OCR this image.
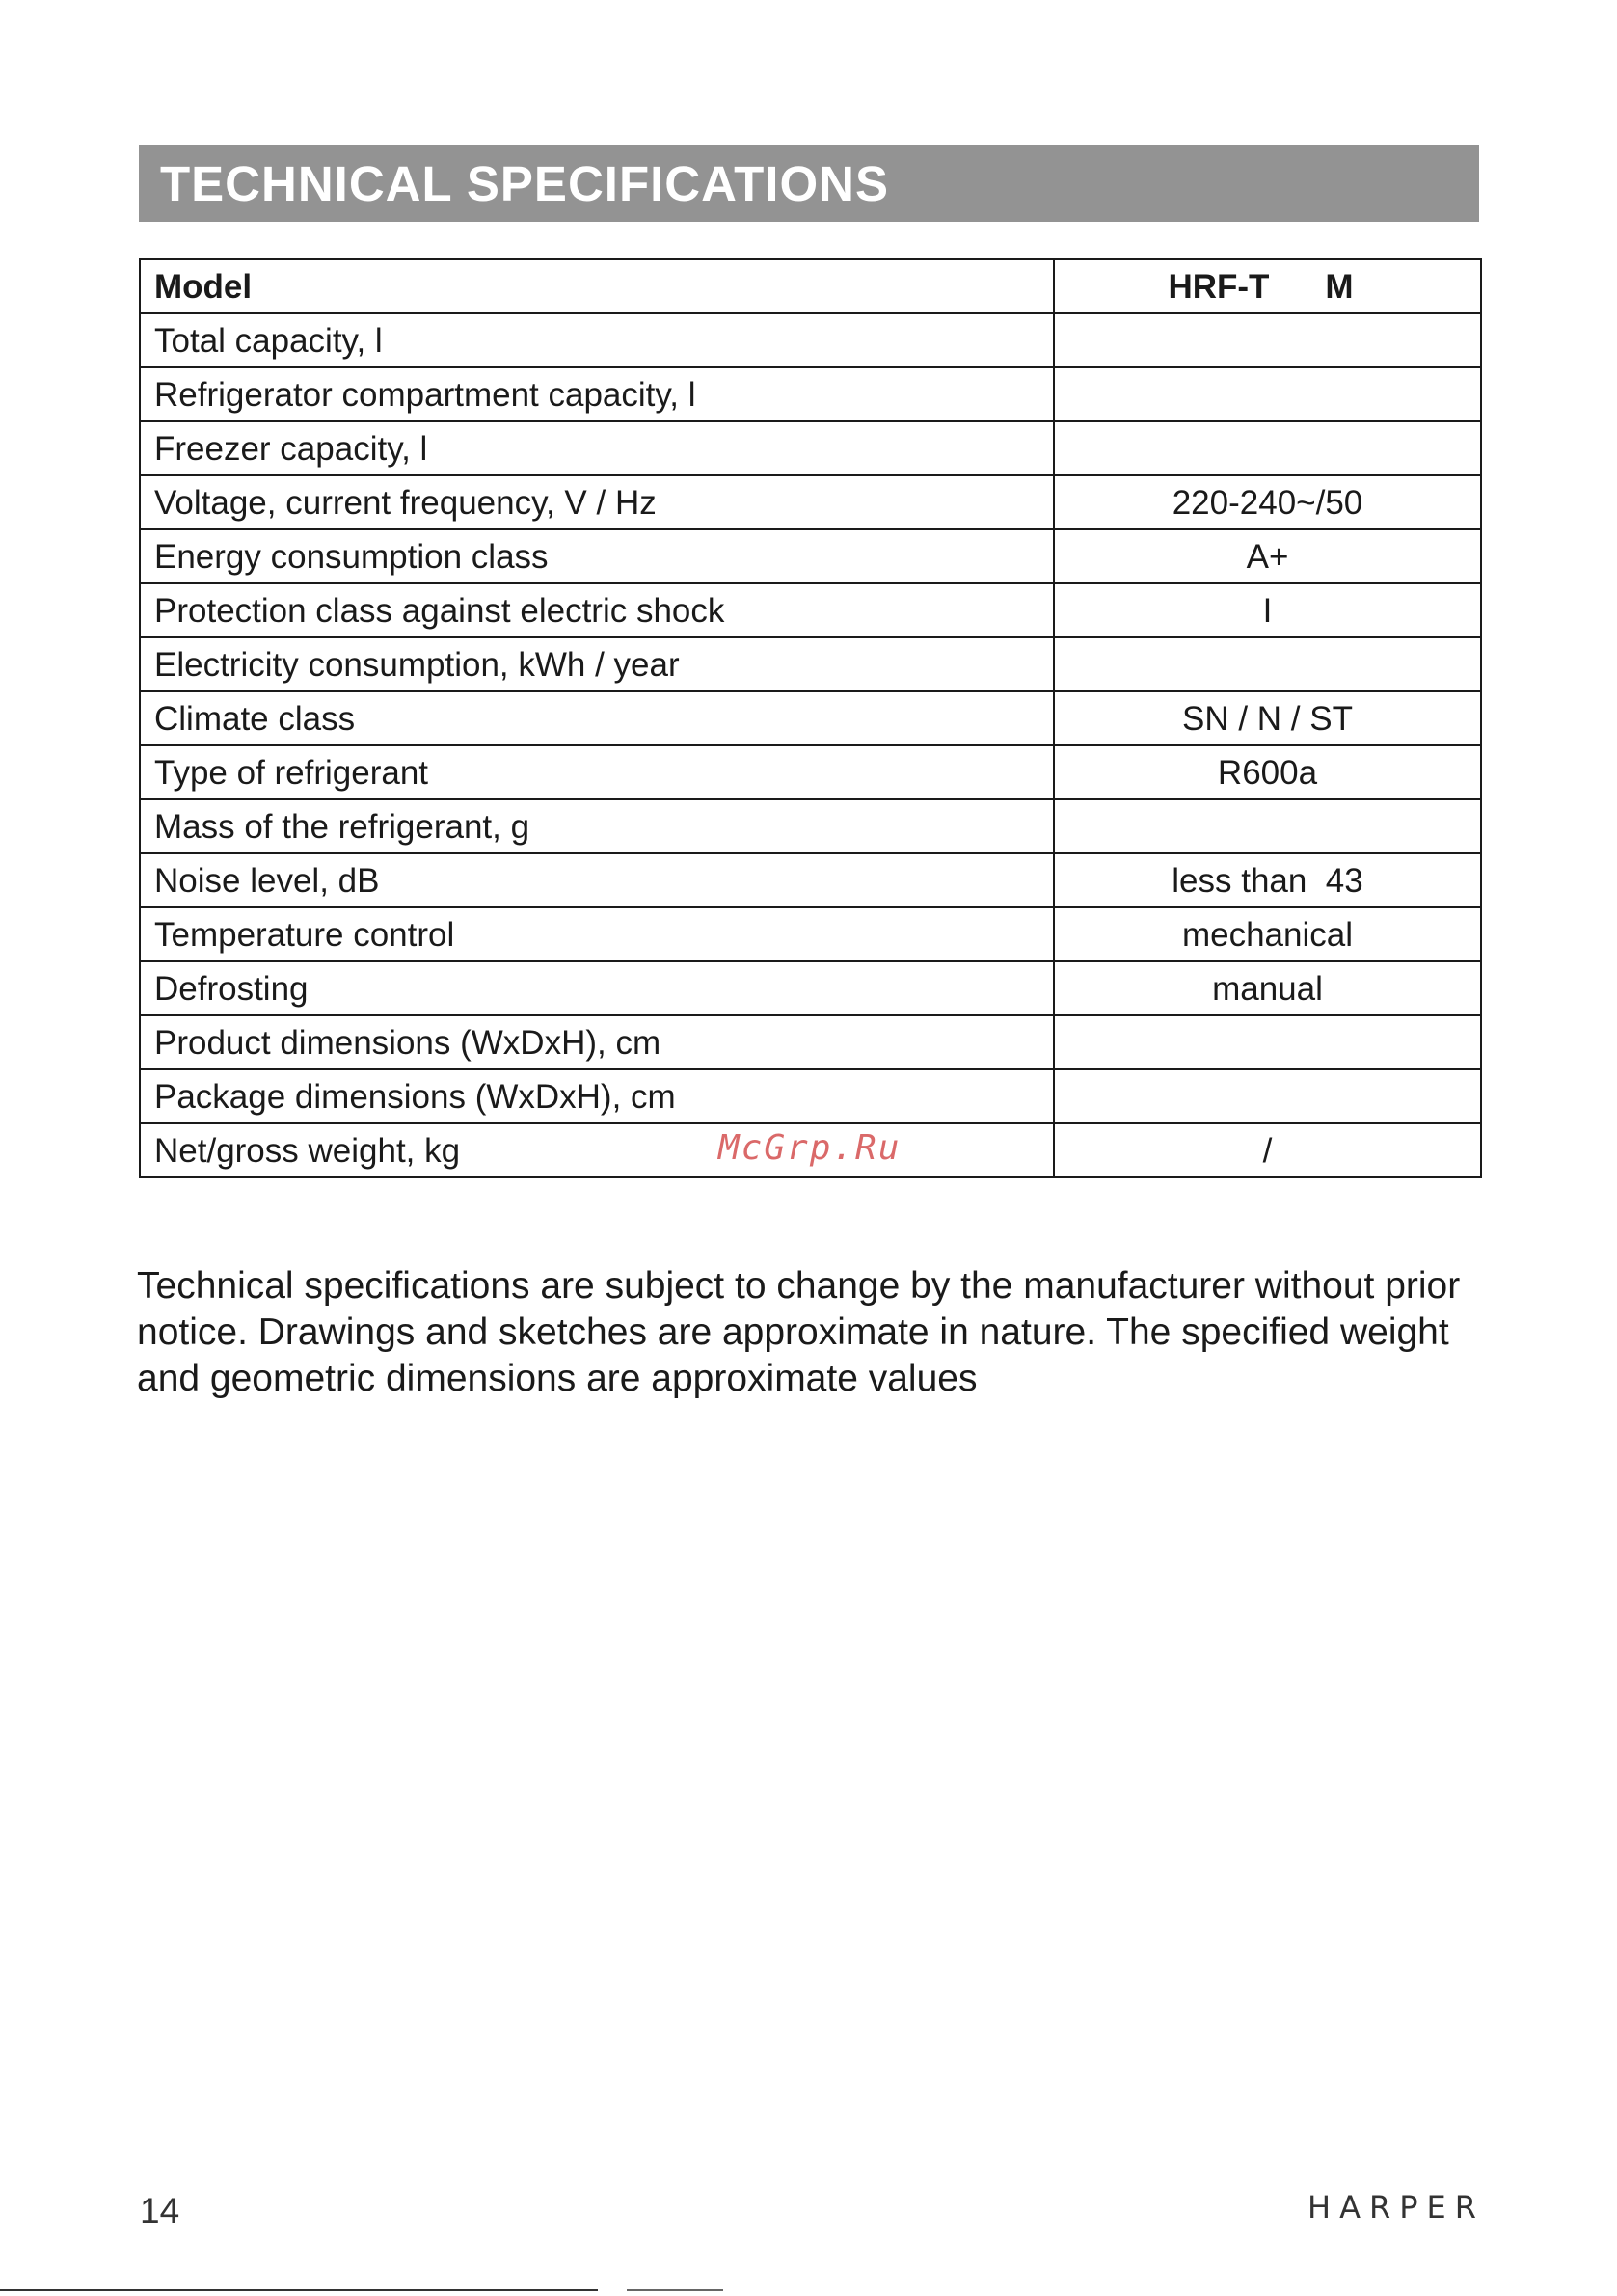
TECHNICAL SPECIFICATIONS
Model	HRF-T M
Total capacity, l	
Refrigerator compartment capacity, l	
Freezer capacity, l	
Voltage, current frequency, V / Hz	220-240~/50
Energy consumption class	A+
Protection class against electric shock	I
Electricity consumption, kWh / year	
Climate class	SN / N / ST
Type of refrigerant	R600a
Mass of the refrigerant, g	
Noise level, dB	less than  43
Temperature control	mechanical
Defrosting	manual
Product dimensions (WxDxH), cm	
Package dimensions (WxDxH), cm	
Net/gross weight, kg	/
McGrp.Ru

Technical specifications are subject to change by the manufacturer without prior notice. Drawings and sketches are approximate in nature. The specified weight and geometric dimensions are approximate values

14	HARPER
